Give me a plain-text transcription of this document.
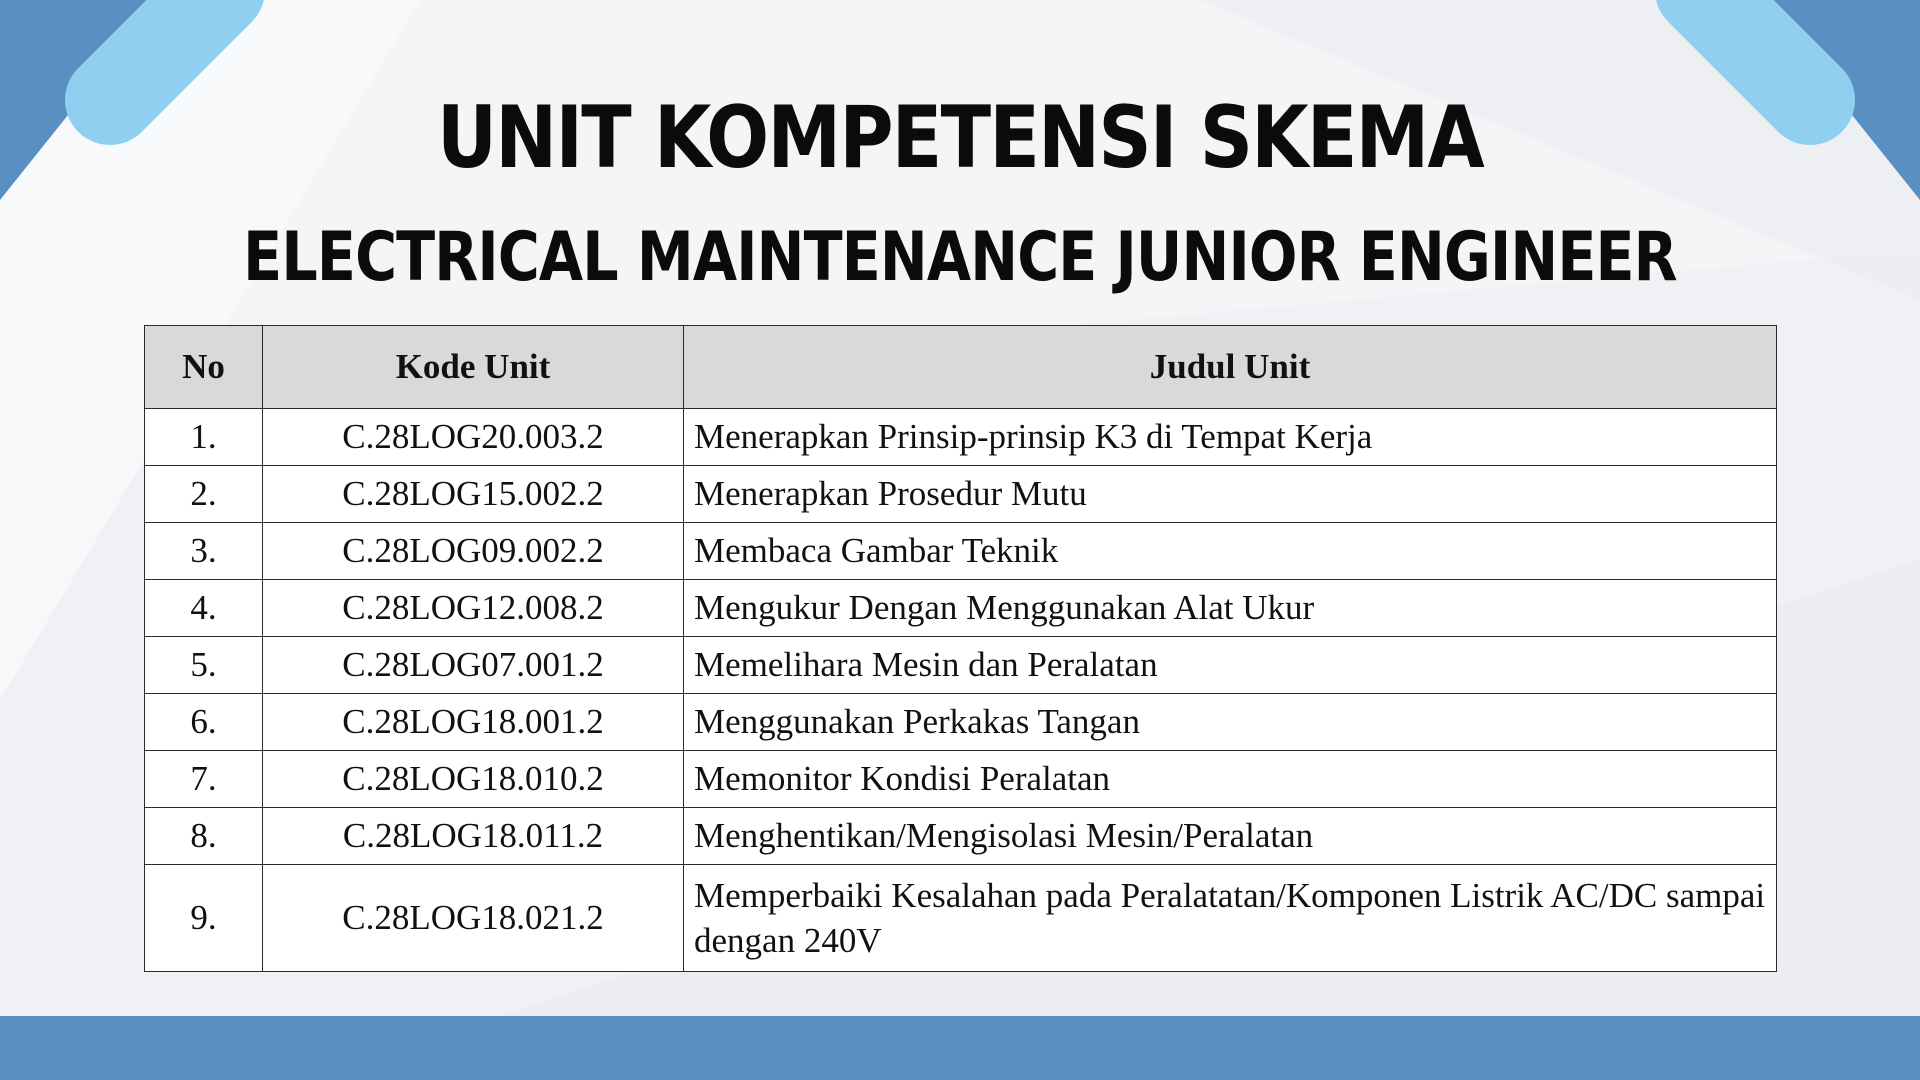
UNIT KOMPETENSI SKEMA
ELECTRICAL MAINTENANCE JUNIOR ENGINEER
No	Kode Unit	Judul Unit
1.	C.28LOG20.003.2	Menerapkan Prinsip-prinsip K3 di Tempat Kerja
2.	C.28LOG15.002.2	Menerapkan Prosedur Mutu
3.	C.28LOG09.002.2	Membaca Gambar Teknik
4.	C.28LOG12.008.2	Mengukur Dengan Menggunakan Alat Ukur
5.	C.28LOG07.001.2	Memelihara Mesin dan Peralatan
6.	C.28LOG18.001.2	Menggunakan Perkakas Tangan
7.	C.28LOG18.010.2	Memonitor Kondisi Peralatan
8.	C.28LOG18.011.2	Menghentikan/Mengisolasi Mesin/Peralatan
9.	C.28LOG18.021.2	Memperbaiki Kesalahan pada Peralatatan/Komponen Listrik AC/DC sampai dengan 240V
